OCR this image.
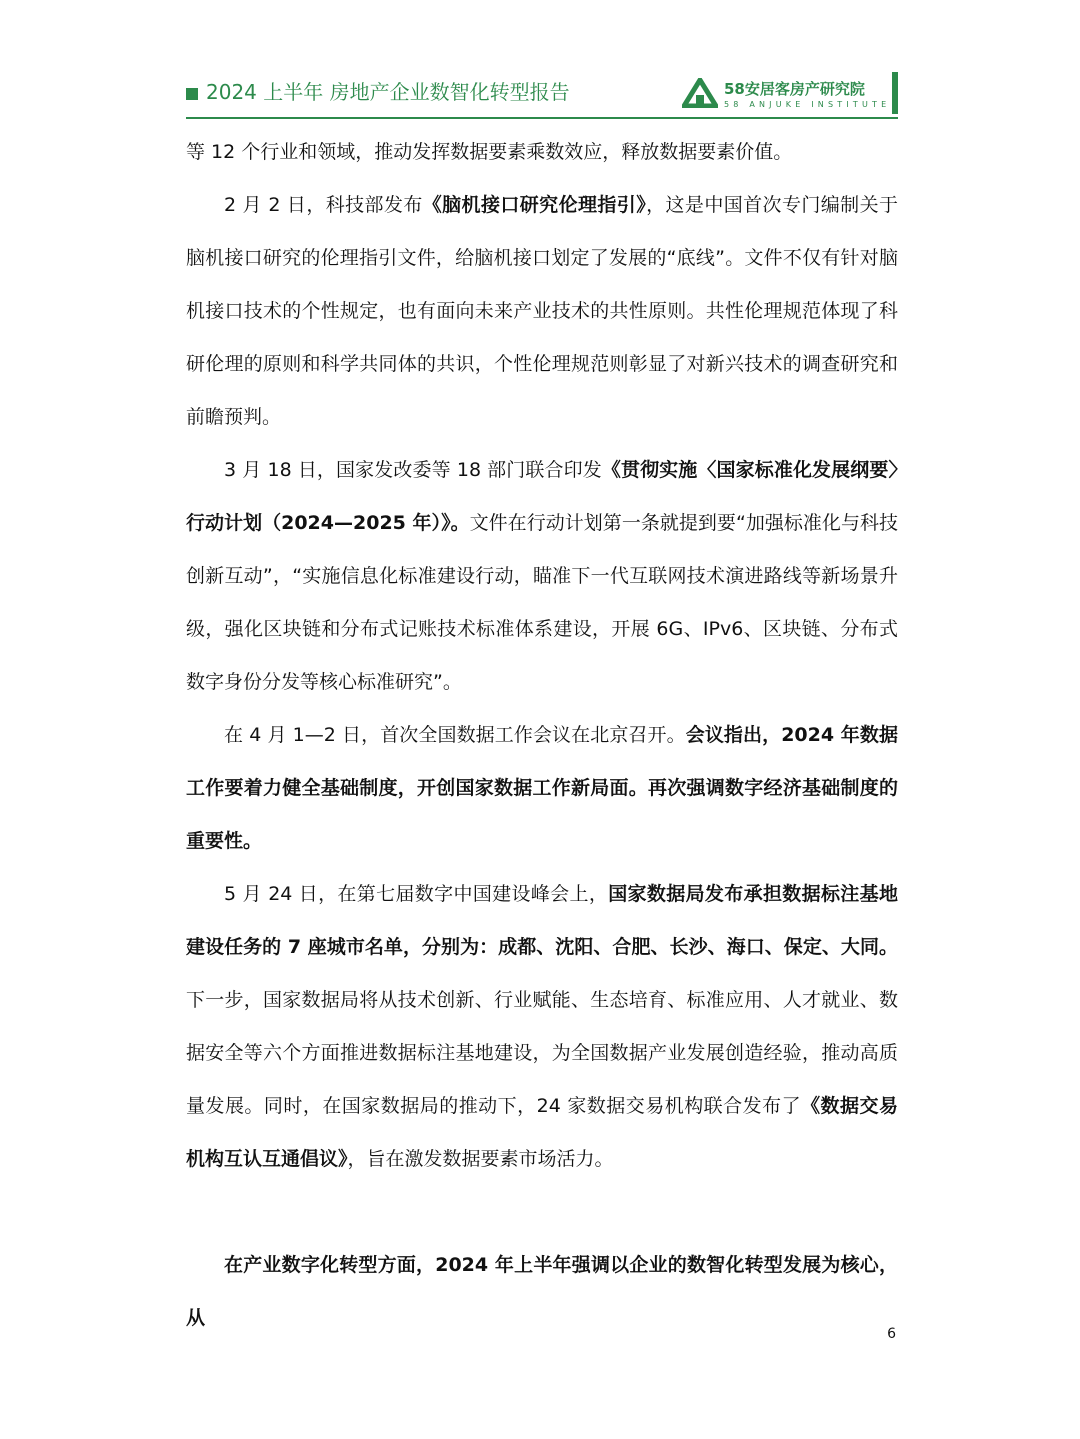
2024 上半年 房地产企业数智化转型报告	58安居客房产研究院
58 ANJUKE INSTITUTE

等 12 个行业和领域，推动发挥数据要素乘数效应，释放数据要素价值。

2 月 2 日，科技部发布《脑机接口研究伦理指引》，这是中国首次专门编制关于脑机接口研究的伦理指引文件，给脑机接口划定了发展的“底线”。文件不仅有针对脑机接口技术的个性规定，也有面向未来产业技术的共性原则。共性伦理规范体现了科研伦理的原则和科学共同体的共识，个性伦理规范则彰显了对新兴技术的调查研究和前瞻预判。

3 月 18 日，国家发改委等 18 部门联合印发《贯彻实施〈国家标准化发展纲要〉行动计划（2024—2025 年）》。文件在行动计划第一条就提到要“加强标准化与科技创新互动”，“实施信息化标准建设行动，瞄准下一代互联网技术演进路线等新场景升级，强化区块链和分布式记账技术标准体系建设，开展 6G、IPv6、区块链、分布式数字身份分发等核心标准研究”。

在 4 月 1—2 日，首次全国数据工作会议在北京召开。会议指出，2024 年数据工作要着力健全基础制度，开创国家数据工作新局面。再次强调数字经济基础制度的重要性。

5 月 24 日，在第七届数字中国建设峰会上，国家数据局发布承担数据标注基地建设任务的 7 座城市名单，分别为：成都、沈阳、合肥、长沙、海口、保定、大同。下一步，国家数据局将从技术创新、行业赋能、生态培育、标准应用、人才就业、数据安全等六个方面推进数据标注基地建设，为全国数据产业发展创造经验，推动高质量发展。同时，在国家数据局的推动下，24 家数据交易机构联合发布了《数据交易机构互认互通倡议》，旨在激发数据要素市场活力。

在产业数字化转型方面，2024 年上半年强调以企业的数智化转型发展为核心，从

6
